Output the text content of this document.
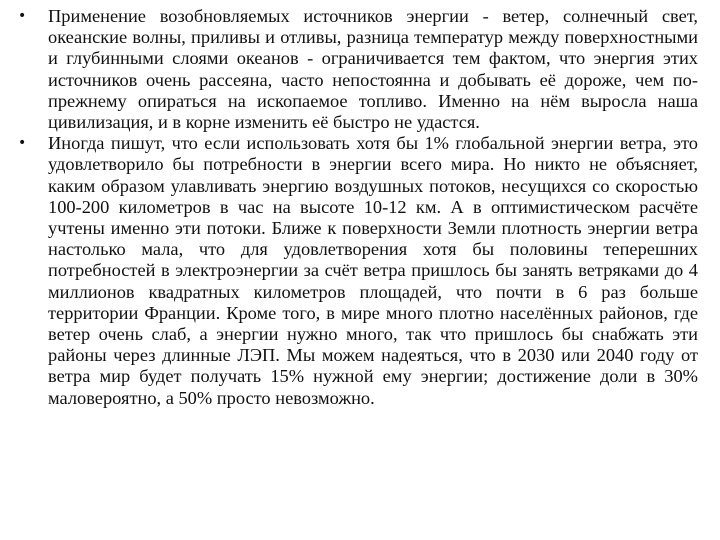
•	Применение возобновляемых источников энергии - ветер, солнечный свет, океанские волны, приливы и отливы, разница температур между поверхностными и глубинными слоями океанов - ограничивается тем фактом, что энергия этих источников очень рассеяна, часто непостоянна и добывать её дороже, чем по-прежнему опираться на ископаемое топливо. Именно на нём выросла наша цивилизация, и в корне изменить её быстро не удастся.
•	Иногда пишут, что если использовать хотя бы 1% глобальной энергии ветра, это удовлетворило бы потребности в энергии всего мира. Но никто не объясняет, каким образом улавливать энергию воздушных потоков, несущихся со скоростью 100-200 километров в час на высоте 10-12 км. А в оптимистическом расчёте учтены именно эти потоки. Ближе к поверхности Земли плотность энергии ветра настолько мала, что для удовлетворения хотя бы половины теперешних потребностей в электроэнергии за счёт ветра пришлось бы занять ветряками до 4 миллионов квадратных километров площадей, что почти в 6 раз больше территории Франции. Кроме того, в мире много плотно населённых районов, где ветер очень слаб, а энергии нужно много, так что пришлось бы снабжать эти районы через длинные ЛЭП. Мы можем надеяться, что в 2030 или 2040 году от ветра мир будет получать 15% нужной ему энергии; достижение доли в 30% маловероятно, а 50% просто невозможно.
